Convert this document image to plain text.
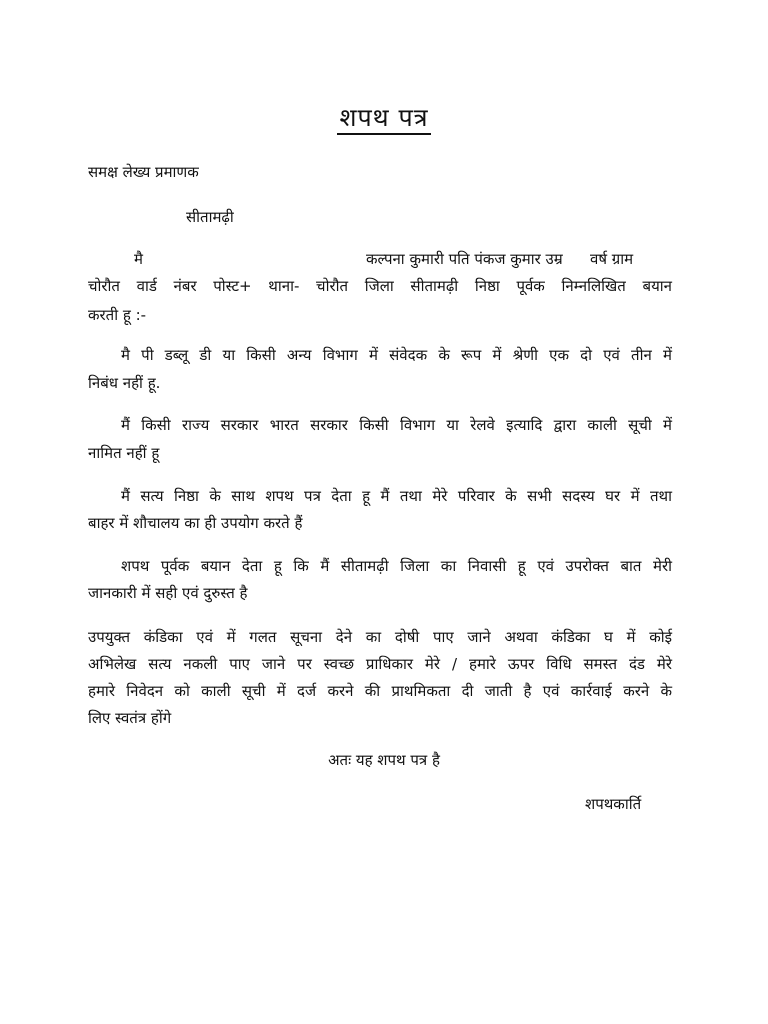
शपथ पत्र
समक्ष लेख्य प्रमाणक
सीतामढ़ी
मै	कल्पना कुमारी पति पंकज कुमार उम्र वर्ष ग्राम
चोरौत वार्ड नंबर पोस्ट+ थाना- चोरौत जिला सीतामढ़ी निष्ठा पूर्वक निम्नलिखित बयान
करती हू :-
मै पी डब्लू डी या किसी अन्य विभाग में संवेदक के रूप में श्रेणी एक दो एवं तीन में
निबंध नहीं हू.
मैं किसी राज्य सरकार भारत सरकार किसी विभाग या रेलवे इत्यादि द्वारा काली सूची में
नामित नहीं हू
मैं सत्य निष्ठा के साथ शपथ पत्र देता हू मैं तथा मेरे परिवार के सभी सदस्य घर में तथा
बाहर में शौचालय का ही उपयोग करते हैं
शपथ पूर्वक बयान देता हू कि मैं सीतामढ़ी जिला का निवासी हू एवं उपरोक्त बात मेरी
जानकारी में सही एवं दुरुस्त है
उपयुक्त कंडिका एवं में गलत सूचना देने का दोषी पाए जाने अथवा कंडिका घ में कोई
अभिलेख सत्य नकली पाए जाने पर स्वच्छ प्राधिकार मेरे / हमारे ऊपर विधि समस्त दंड मेरे
हमारे निवेदन को काली सूची में दर्ज करने की प्राथमिकता दी जाती है एवं कार्रवाई करने के
लिए स्वतंत्र होंगे
अतः यह शपथ पत्र है
शपथकार्ति
